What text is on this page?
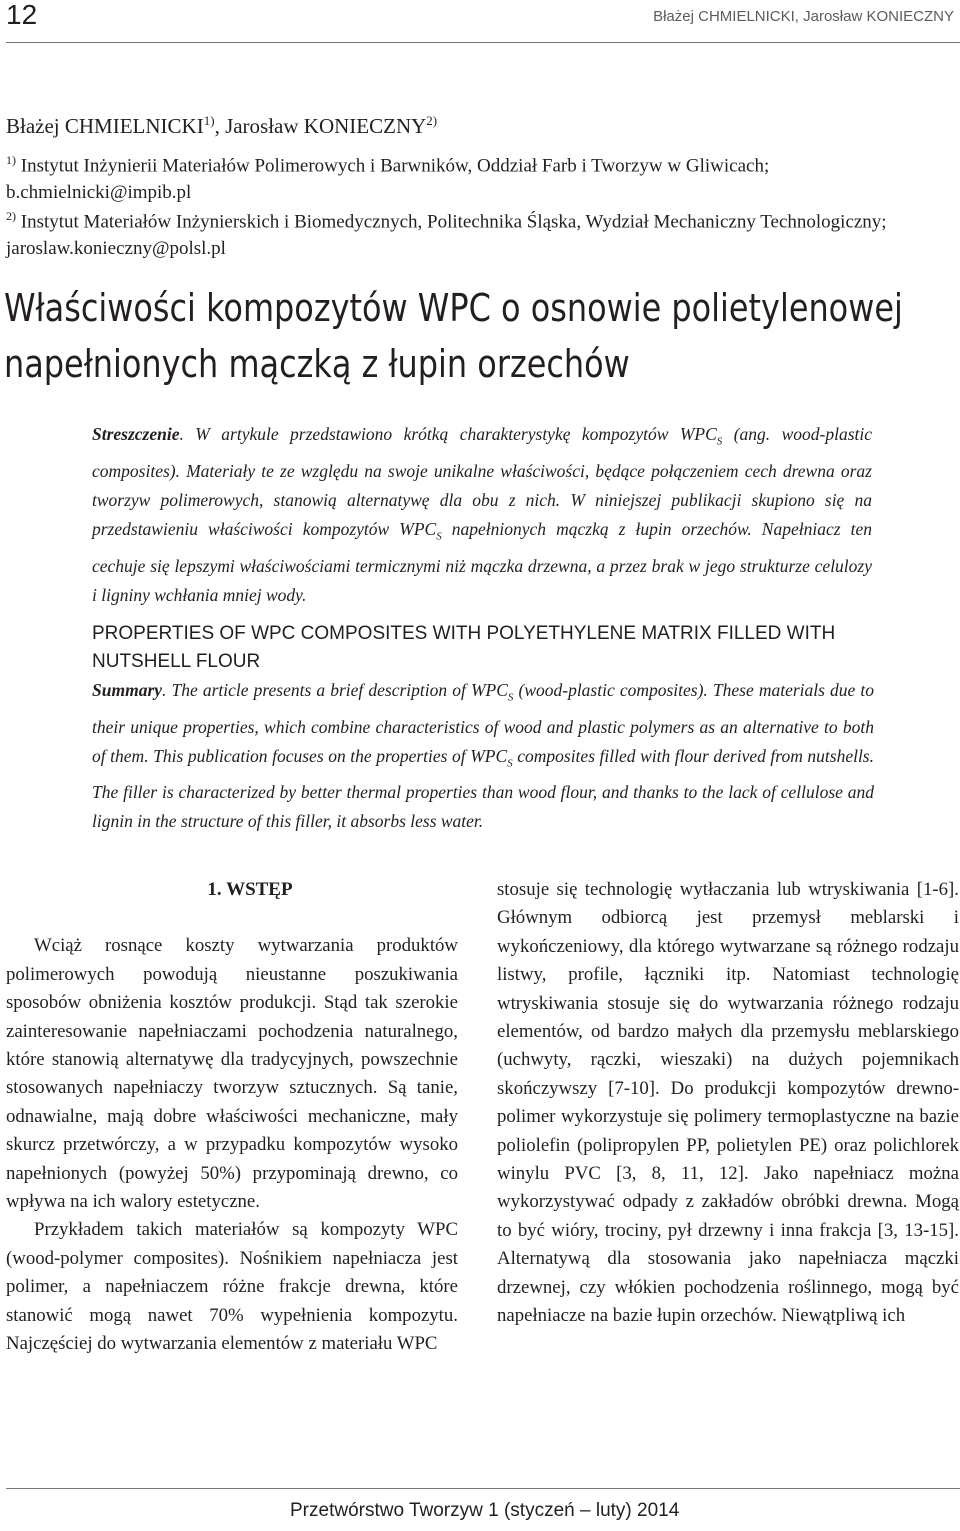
12	Błażej CHMIELNICKI, Jarosław KONIECZNY
Błażej CHMIELNICKI$^{1)}$, Jarosław KONIECZNY$^{2)}$
$^{1)}$ Instytut Inżynierii Materiałów Polimerowych i Barwników, Oddział Farb i Tworzyw w Gliwicach; b.chmielnicki@impib.pl
$^{2)}$ Instytut Materiałów Inżynierskich i Biomedycznych, Politechnika Śląska, Wydział Mechaniczny Technologiczny; jaroslaw.konieczny@polsl.pl
Właściwości kompozytów WPC o osnowie polietylenowej
napełnionych mączką z łupin orzechów
Streszczenie. W artykule przedstawiono krótką charakterystykę kompozytów $WPC_S$ (ang. wood-plastic composites). Materiały te ze względu na swoje unikalne właściwości, będące połączeniem cech drewna oraz tworzyw polimerowych, stanowią alternatywę dla obu z nich. W niniejszej publikacji skupiono się na przedstawieniu właściwości kompozytów $WPC_S$ napełnionych mączką z łupin orzechów. Napełniacz ten cechuje się lepszymi właściwościami termicznymi niż mączka drzewna, a przez brak w jego strukturze celulozy i ligniny wchłania mniej wody.
PROPERTIES OF WPC COMPOSITES WITH POLYETHYLENE MATRIX FILLED WITH NUTSHELL FLOUR
Summary. The article presents a brief description of $WPC_S$ (wood-plastic composites). These materials due to their unique properties, which combine characteristics of wood and plastic polymers as an alternative to both of them. This publication focuses on the properties of $WPC_S$ composites filled with flour derived from nutshells. The filler is characterized by better thermal properties than wood flour, and thanks to the lack of cellulose and lignin in the structure of this filler, it absorbs less water.
1. WSTĘP

Wciąż rosnące koszty wytwarzania produktów polimerowych powodują nieustanne poszukiwania sposobów obniżenia kosztów produkcji. Stąd tak szerokie zainteresowanie napełniaczami pochodzenia naturalnego, które stanowią alternatywę dla tradycyjnych, powszechnie stosowanych napełniaczy tworzyw sztucznych. Są tanie, odnawialne, mają dobre właściwości mechaniczne, mały skurcz przetwórczy, a w przypadku kompozytów wysoko napełnionych (powyżej 50%) przypominają drewno, co wpływa na ich walory estetyczne.

Przykładem takich materiałów są kompozyty WPC (wood-polymer composites). Nośnikiem napełniacza jest polimer, a napełniaczem różne frakcje drewna, które stanowić mogą nawet 70% wypełnienia kompozytu. Najczęściej do wytwarzania elementów z materiału WPC

stosuje się technologię wytłaczania lub wtryskiwania [1-6]. Głównym odbiorcą jest przemysł meblarski i wykończeniowy, dla którego wytwarzane są różnego rodzaju listwy, profile, łączniki itp. Natomiast technologię wtryskiwania stosuje się do wytwarzania różnego rodzaju elementów, od bardzo małych dla przemysłu meblarskiego (uchwyty, rączki, wieszaki) na dużych pojemnikach skończywszy [7-10]. Do produkcji kompozytów drewno-polimer wykorzystuje się polimery termoplastyczne na bazie poliolefin (polipropylen PP, polietylen PE) oraz polichlorek winylu PVC [3, 8, 11, 12]. Jako napełniacz można wykorzystywać odpady z zakładów obróbki drewna. Mogą to być wióry, trociny, pył drzewny i inna frakcja [3, 13-15]. Alternatywą dla stosowania jako napełniacza mączki drzewnej, czy włókien pochodzenia roślinnego, mogą być napełniacze na bazie łupin orzechów. Niewątpliwą ich

Przetwórstwo Tworzyw 1 (styczeń – luty) 2014
